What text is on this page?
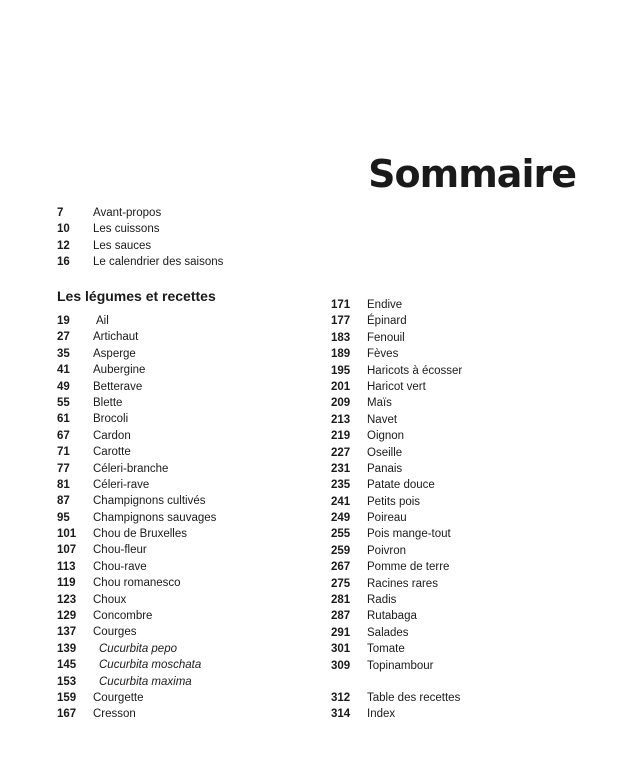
Sommaire
7	Avant-propos
10 Les cuissons
12 Les sauces
16 Le calendrier des saisons
Les légumes et recettes
19 Ail
27 Artichaut
35 Asperge
41 Aubergine
49 Betterave
55 Blette
61 Brocoli
67 Cardon
71 Carotte
77 Céleri-branche
81 Céleri-rave
87 Champignons cultivés
95 Champignons sauvages
101 Chou de Bruxelles
107 Chou-fleur
113 Chou-rave
119 Chou romanesco
123 Choux
129 Concombre
137 Courges
139 Cucurbita pepo
145 Cucurbita moschata
153 Cucurbita maxima
159 Courgette
167 Cresson
171 Endive
177 Épinard
183 Fenouil
189 Fèves
195 Haricots à écosser
201 Haricot vert
209 Maïs
213 Navet
219 Oignon
227 Oseille
231 Panais
235 Patate douce
241 Petits pois
249 Poireau
255 Pois mange-tout
259 Poivron
267 Pomme de terre
275 Racines rares
281 Radis
287 Rutabaga
291 Salades
301 Tomate
309 Topinambour
312 Table des recettes
314 Index
